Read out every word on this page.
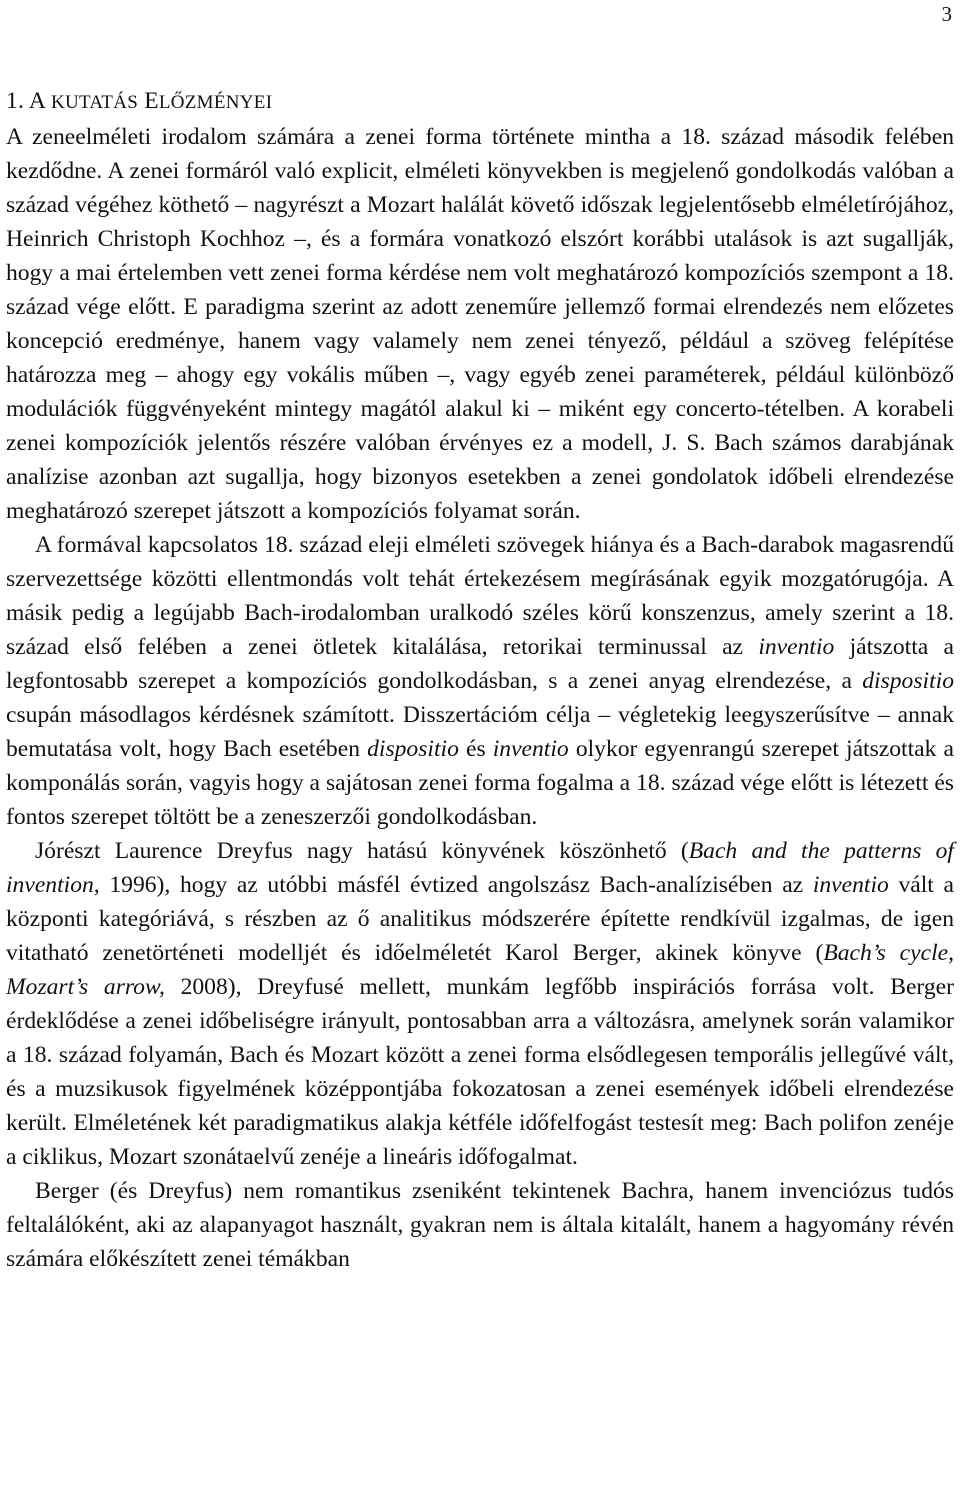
3
1. A KUTATÁS ELŐZMÉNYEI

A zeneelméleti irodalom számára a zenei forma története mintha a 18. század második felében kezdődne. A zenei formáról való explicit, elméleti könyvekben is megjelenő gondolkodás valóban a század végéhez köthető – nagyrészt a Mozart halálát követő időszak legjelentősebb elméletírójához, Heinrich Christoph Kochhoz –, és a formára vonatkozó elszórt korábbi utalások is azt sugallják, hogy a mai értelemben vett zenei forma kérdése nem volt meghatározó kompozíciós szempont a 18. század vége előtt. E paradigma szerint az adott zeneműre jellemző formai elrendezés nem előzetes koncepció eredménye, hanem vagy valamely nem zenei tényező, például a szöveg felépítése határozza meg – ahogy egy vokális műben –, vagy egyéb zenei paraméterek, például különböző modulációk függvényeként mintegy magától alakul ki – miként egy concerto-tételben. A korabeli zenei kompozíciók jelentős részére valóban érvényes ez a modell, J. S. Bach számos darabjának analízise azonban azt sugallja, hogy bizonyos esetekben a zenei gondolatok időbeli elrendezése meghatározó szerepet játszott a kompozíciós folyamat során.

A formával kapcsolatos 18. század eleji elméleti szövegek hiánya és a Bach-darabok magasrendű szervezettsége közötti ellentmondás volt tehát értekezésem megírásának egyik mozgatórugója. A másik pedig a legújabb Bach-irodalomban uralkodó széles körű konszenzus, amely szerint a 18. század első felében a zenei ötletek kitalálása, retorikai terminussal az inventio játszotta a legfontosabb szerepet a kompozíciós gondolkodásban, s a zenei anyag elrendezése, a dispositio csupán másodlagos kérdésnek számított. Disszertációm célja – végletekig leegyszerűsítve – annak bemutatása volt, hogy Bach esetében dispositio és inventio olykor egyenrangú szerepet játszottak a komponálás során, vagyis hogy a sajátosan zenei forma fogalma a 18. század vége előtt is létezett és fontos szerepet töltött be a zeneszerzői gondolkodásban.

Jórészt Laurence Dreyfus nagy hatású könyvének köszönhető (Bach and the patterns of invention, 1996), hogy az utóbbi másfél évtized angolszász Bach-analízisében az inventio vált a központi kategóriává, s részben az ő analitikus módszerére építette rendkívül izgalmas, de igen vitatható zenetörténeti modelljét és időelméletét Karol Berger, akinek könyve (Bach’s cycle, Mozart’s arrow, 2008), Dreyfusé mellett, munkám legfőbb inspirációs forrása volt. Berger érdeklődése a zenei időbeliségre irányult, pontosabban arra a változásra, amelynek során valamikor a 18. század folyamán, Bach és Mozart között a zenei forma elsődlegesen temporális jellegűvé vált, és a muzsikusok figyelmének középpontjába fokozatosan a zenei események időbeli elrendezése került. Elméletének két paradigmatikus alakja kétféle időfelfogást testesít meg: Bach polifon zenéje a ciklikus, Mozart szonátaelvű zenéje a lineáris időfogalmat.

Berger (és Dreyfus) nem romantikus zseniként tekintenek Bachra, hanem invenciózus tudós feltalálóként, aki az alapanyagot használt, gyakran nem is általa kitalált, hanem a hagyomány révén számára előkészített zenei témákban
